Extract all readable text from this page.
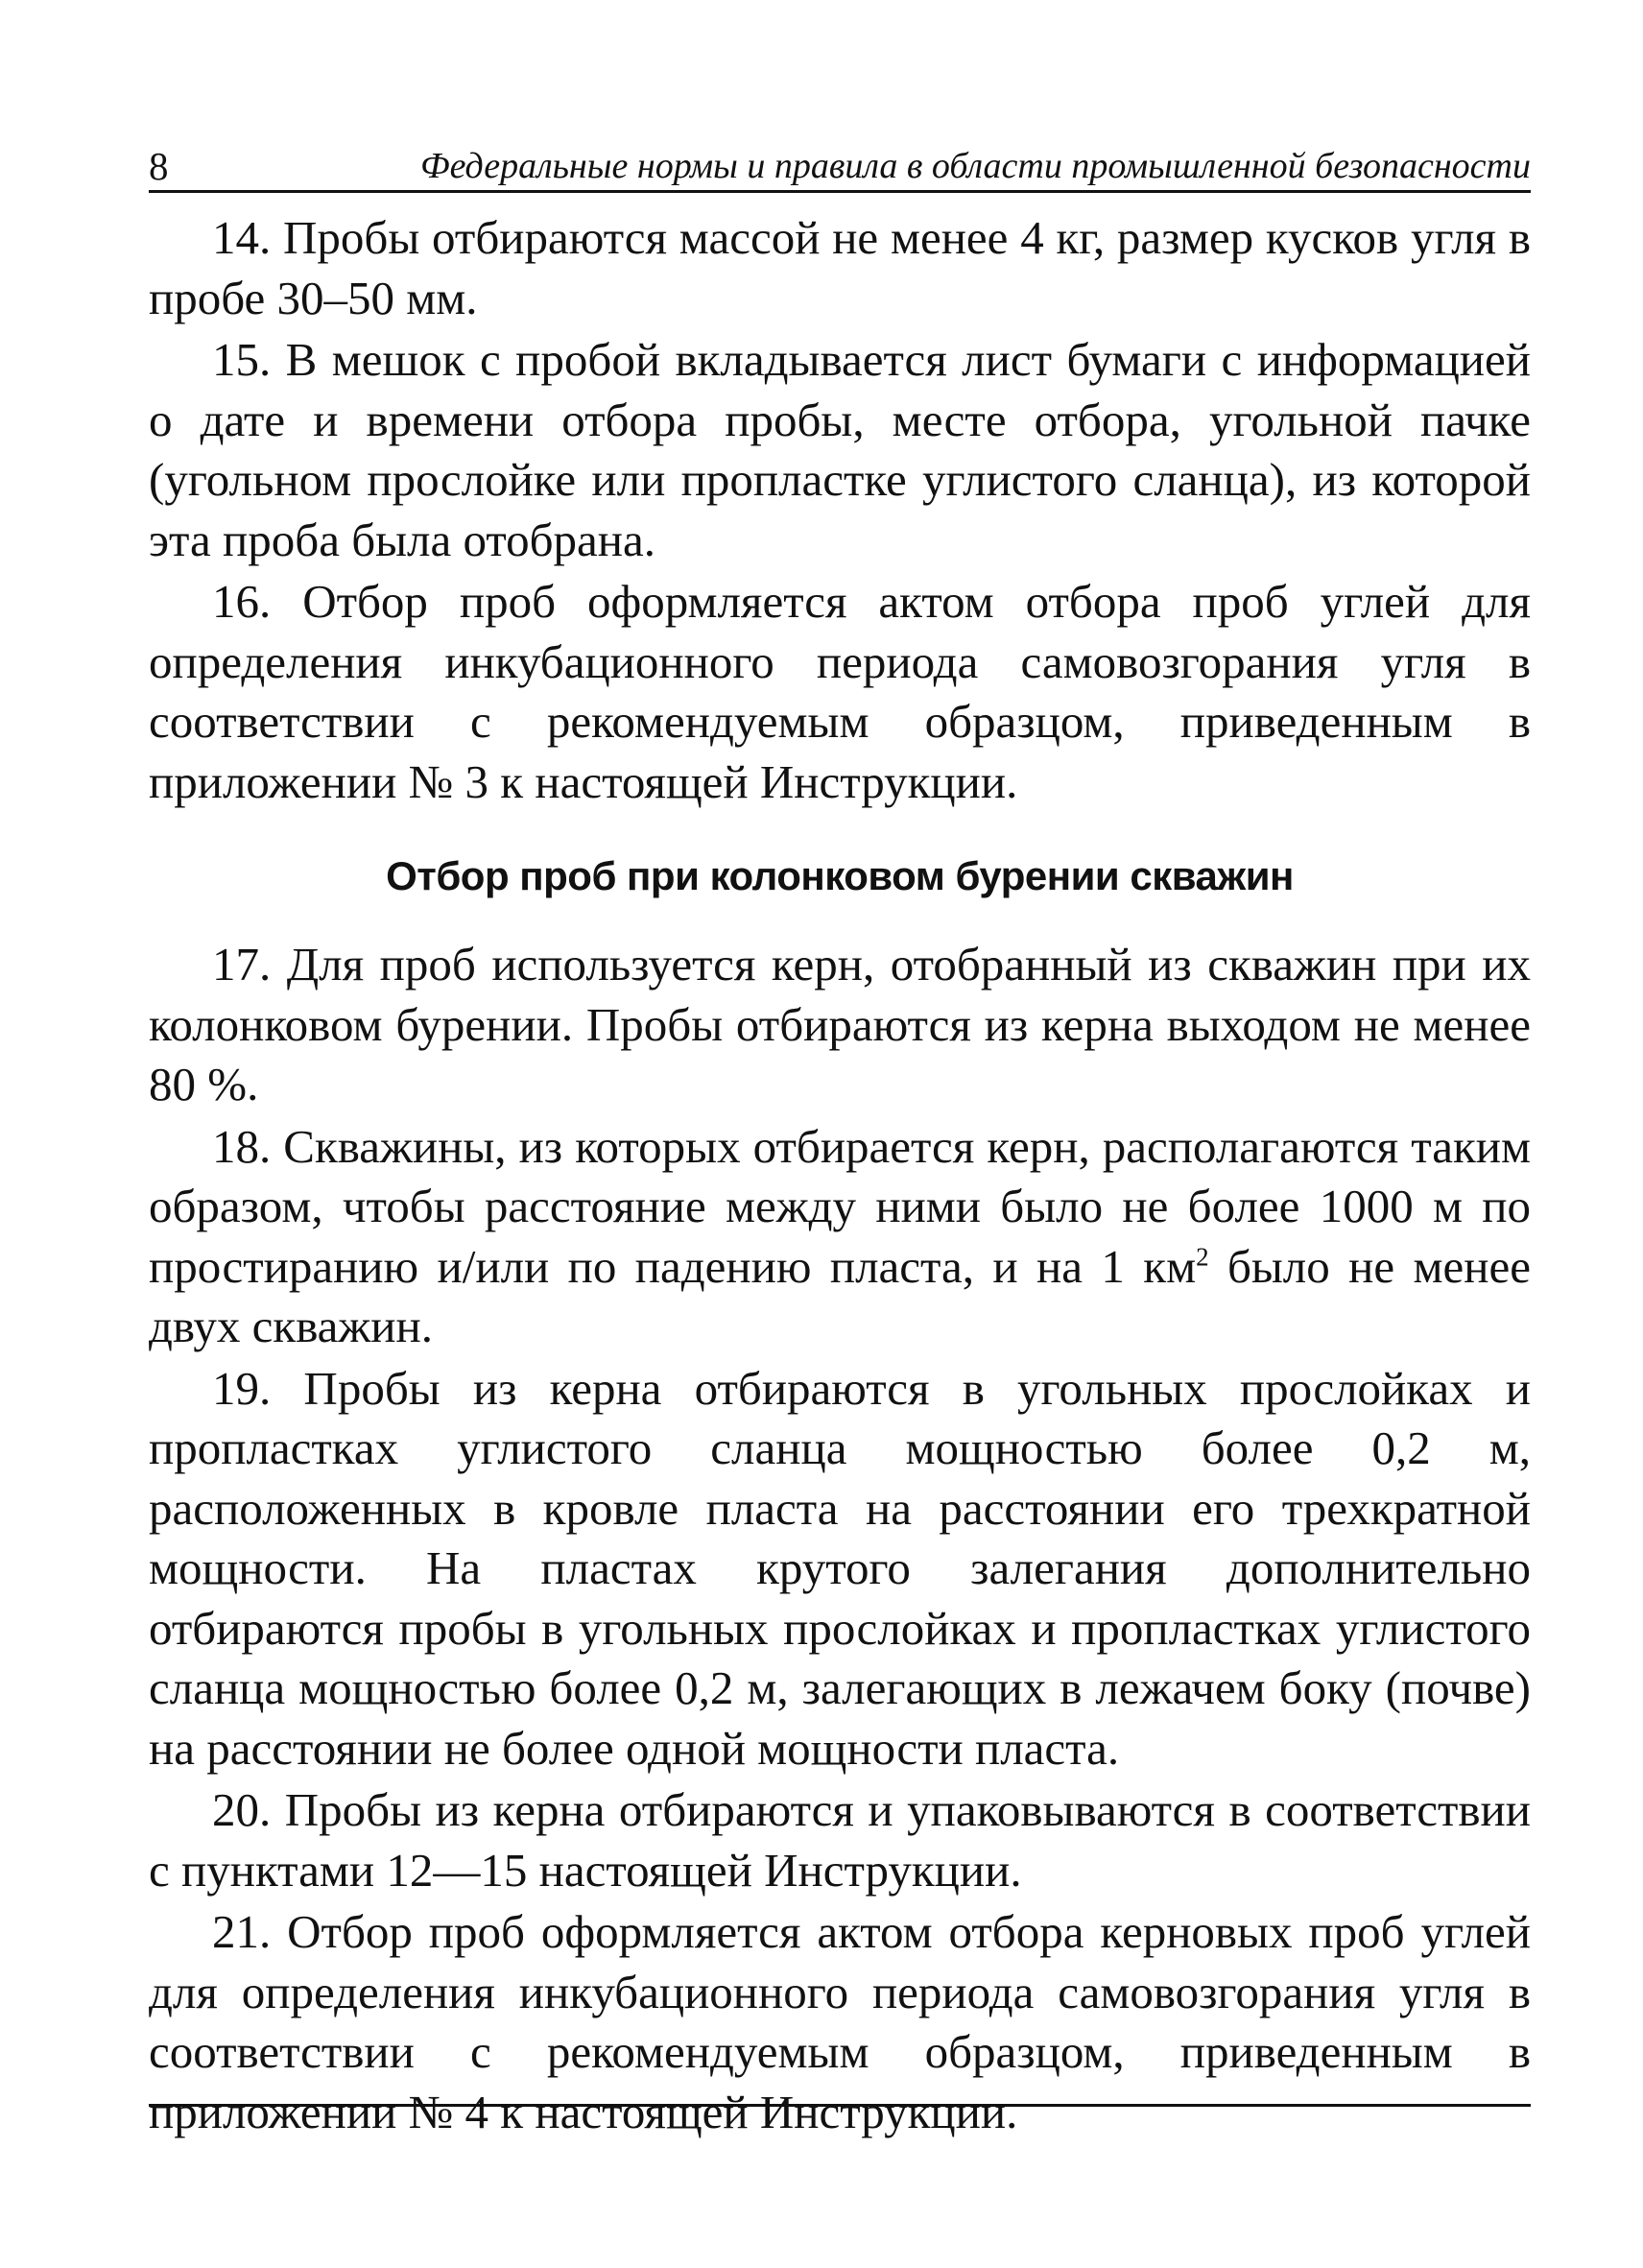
8	Федеральные нормы и правила в области промышленной безопасности

14. Пробы отбираются массой не менее 4 кг, размер кусков угля в пробе 30–50 мм.

15. В мешок с пробой вкладывается лист бумаги с информацией о дате и времени отбора пробы, месте отбора, угольной пачке (угольном прослойке или пропластке углистого сланца), из которой эта проба была отобрана.

16. Отбор проб оформляется актом отбора проб углей для определения инкубационного периода самовозгорания угля в соответствии с рекомендуемым образцом, приведенным в приложении № 3 к настоящей Инструкции.

Отбор проб при колонковом бурении скважин

17. Для проб используется керн, отобранный из скважин при их колонковом бурении. Пробы отбираются из керна выходом не менее 80 %.

18. Скважины, из которых отбирается керн, располагаются таким образом, чтобы расстояние между ними было не более 1000 м по простиранию и/или по падению пласта, и на 1 $км^2$ было не менее двух скважин.

19. Пробы из керна отбираются в угольных прослойках и пропластках углистого сланца мощностью более 0,2 м, расположенных в кровле пласта на расстоянии его трехкратной мощности. На пластах крутого залегания дополнительно отбираются пробы в угольных прослойках и пропластках углистого сланца мощностью более 0,2 м, залегающих в лежачем боку (почве) на расстоянии не более одной мощности пласта.

20. Пробы из керна отбираются и упаковываются в соответствии с пунктами 12—15 настоящей Инструкции.

21. Отбор проб оформляется актом отбора керновых проб углей для определения инкубационного периода самовозгорания угля в соответствии с рекомендуемым образцом, приведенным в приложении № 4 к настоящей Инструкции.
